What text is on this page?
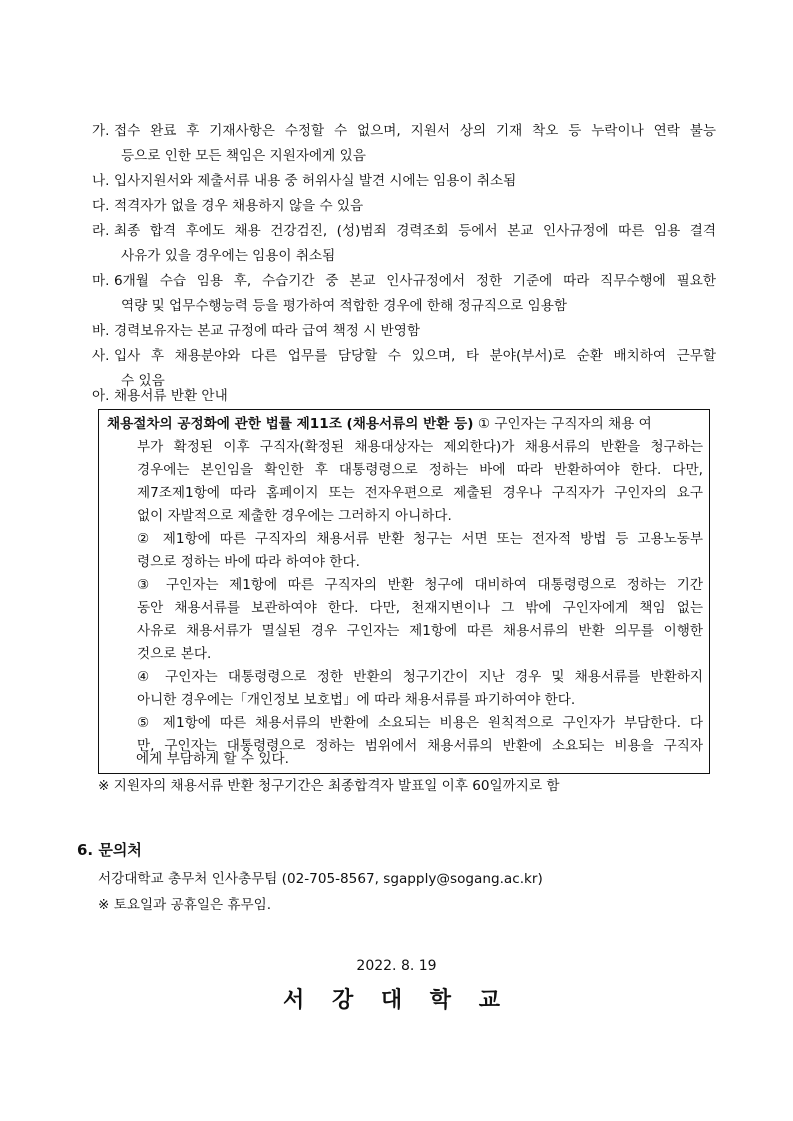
가. 접수 완료 후 기재사항은 수정할 수 없으며, 지원서 상의 기재 착오 등 누락이나 연락 불능
등으로 인한 모든 책임은 지원자에게 있음
나. 입사지원서와 제출서류 내용 중 허위사실 발견 시에는 임용이 취소됨
다. 적격자가 없을 경우 채용하지 않을 수 있음
라. 최종 합격 후에도 채용 건강검진, (성)범죄 경력조회 등에서 본교 인사규정에 따른 임용 결격
사유가 있을 경우에는 임용이 취소됨
마. 6개월 수습 임용 후, 수습기간 중 본교 인사규정에서 정한 기준에 따라 직무수행에 필요한
역량 및 업무수행능력 등을 평가하여 적합한 경우에 한해 정규직으로 임용함
바. 경력보유자는 본교 규정에 따라 급여 책정 시 반영함
사. 입사 후 채용분야와 다른 업무를 담당할 수 있으며, 타 분야(부서)로 순환 배치하여 근무할
수 있음
아. 채용서류 반환 안내
채용절차의 공정화에 관한 법률 제11조 (채용서류의 반환 등) ① 구인자는 구직자의 채용 여
부가 확정된 이후 구직자(확정된 채용대상자는 제외한다)가 채용서류의 반환을 청구하는
경우에는 본인임을 확인한 후 대통령령으로 정하는 바에 따라 반환하여야 한다. 다만,
제7조제1항에 따라 홈페이지 또는 전자우편으로 제출된 경우나 구직자가 구인자의 요구
없이 자발적으로 제출한 경우에는 그러하지 아니하다.
② 제1항에 따른 구직자의 채용서류 반환 청구는 서면 또는 전자적 방법 등 고용노동부
령으로 정하는 바에 따라 하여야 한다.
③ 구인자는 제1항에 따른 구직자의 반환 청구에 대비하여 대통령령으로 정하는 기간
동안 채용서류를 보관하여야 한다. 다만, 천재지변이나 그 밖에 구인자에게 책임 없는
사유로 채용서류가 멸실된 경우 구인자는 제1항에 따른 채용서류의 반환 의무를 이행한
것으로 본다.
④ 구인자는 대통령령으로 정한 반환의 청구기간이 지난 경우 및 채용서류를 반환하지
아니한 경우에는「개인정보 보호법」에 따라 채용서류를 파기하여야 한다.
⑤ 제1항에 따른 채용서류의 반환에 소요되는 비용은 원칙적으로 구인자가 부담한다. 다
만, 구인자는 대통령령으로 정하는 범위에서 채용서류의 반환에 소요되는 비용을 구직자
에게 부담하게 할 수 있다.
※ 지원자의 채용서류 반환 청구기간은 최종합격자 발표일 이후 60일까지로 함
6. 문의처
서강대학교 총무처 인사총무팀 (02-705-8567, sgapply@sogang.ac.kr)
※ 토요일과 공휴일은 휴무임.
2022. 8. 19
서 강 대 학 교
